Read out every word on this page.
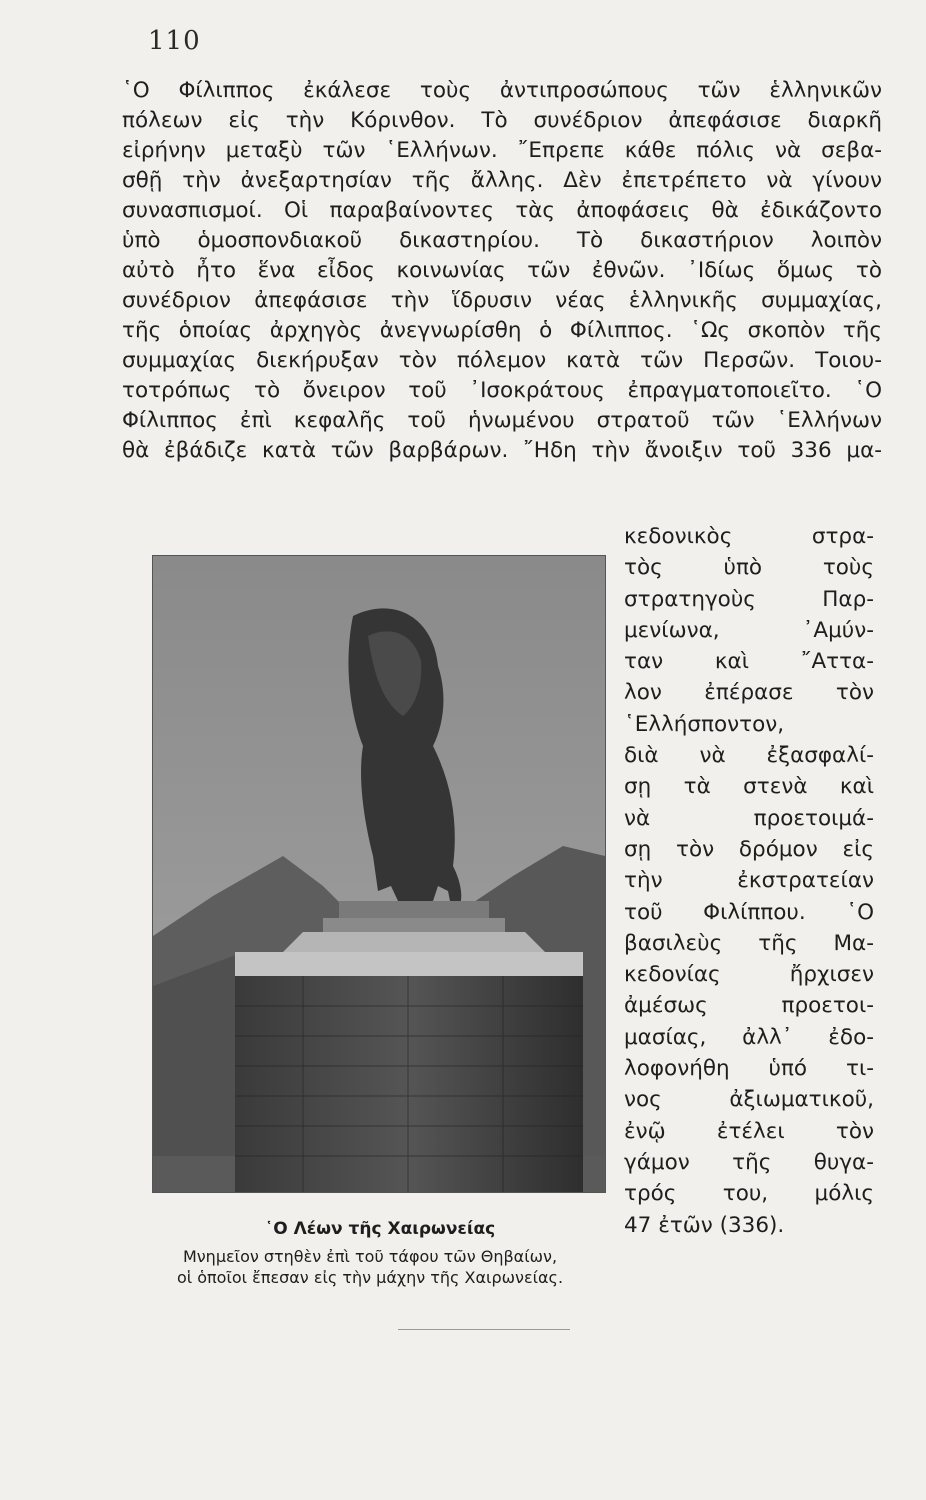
110
῾Ο Φίλιππος ἐκάλεσε τοὺς ἀντιπροσώπους τῶν ἑλληνικῶν
πόλεων εἰς τὴν Κόρινθον. Τὸ συνέδριον ἀπεφάσισε διαρκῆ
εἰρήνην μεταξὺ τῶν ῾Ελλήνων. ῎Επρεπε κάθε πόλις νὰ σεβα-
σθῇ τὴν ἀνεξαρτησίαν τῆς ἄλλης. Δὲν ἐπετρέπετο νὰ γίνουν
συνασπισμοί. Οἱ παραβαίνοντες τὰς ἀποφάσεις θὰ ἐδικάζοντο
ὑπὸ ὁμοσπονδιακοῦ δικαστηρίου. Τὸ δικαστήριον λοιπὸν
αὐτὸ ἦτο ἕνα εἶδος κοινωνίας τῶν ἐθνῶν. ᾿Ιδίως ὅμως τὸ
συνέδριον ἀπεφάσισε τὴν ἵδρυσιν νέας ἑλληνικῆς συμμαχίας,
τῆς ὁποίας ἀρχηγὸς ἀνεγνωρίσθη ὁ Φίλιππος. ῾Ως σκοπὸν τῆς
συμμαχίας διεκήρυξαν τὸν πόλεμον κατὰ τῶν Περσῶν. Τοιου-
τοτρόπως τὸ ὄνειρον τοῦ ᾿Ισοκράτους ἐπραγματοποιεῖτο. ῾Ο
Φίλιππος ἐπὶ κεφαλῆς τοῦ ἡνωμένου στρατοῦ τῶν ῾Ελλήνων
θὰ ἐβάδιζε κατὰ τῶν βαρβάρων. ῎Ηδη τὴν ἄνοιξιν τοῦ 336 μα-
῾Ο Λέων τῆς Χαιρωνείας
Μνημεῖον στηθὲν ἐπὶ τοῦ τάφου τῶν Θηβαίων,
οἱ ὁποῖοι ἔπεσαν εἰς τὴν μάχην τῆς Χαιρωνείας.
κεδονικὸς στρα-
τὸς ὑπὸ τοὺς
στρατηγοὺς Παρ-
μενίωνα, ᾿Αμύν-
ταν καὶ ῎Αττα-
λον ἐπέρασε τὸν
῾Ελλήσποντον,
διὰ νὰ ἐξασφαλί-
σῃ τὰ στενὰ καὶ
νὰ προετοιμά-
σῃ τὸν δρόμον εἰς
τὴν ἐκστρατείαν
τοῦ Φιλίππου. ῾Ο
βασιλεὺς τῆς Μα-
κεδονίας ἤρχισεν
ἀμέσως προετοι-
μασίας, ἀλλ᾿ ἐδο-
λοφονήθη ὑπό τι-
νος ἀξιωματικοῦ,
ἐνῷ ἐτέλει τὸν
γάμον τῆς θυγα-
τρός του, μόλις
47 ἐτῶν (336).
